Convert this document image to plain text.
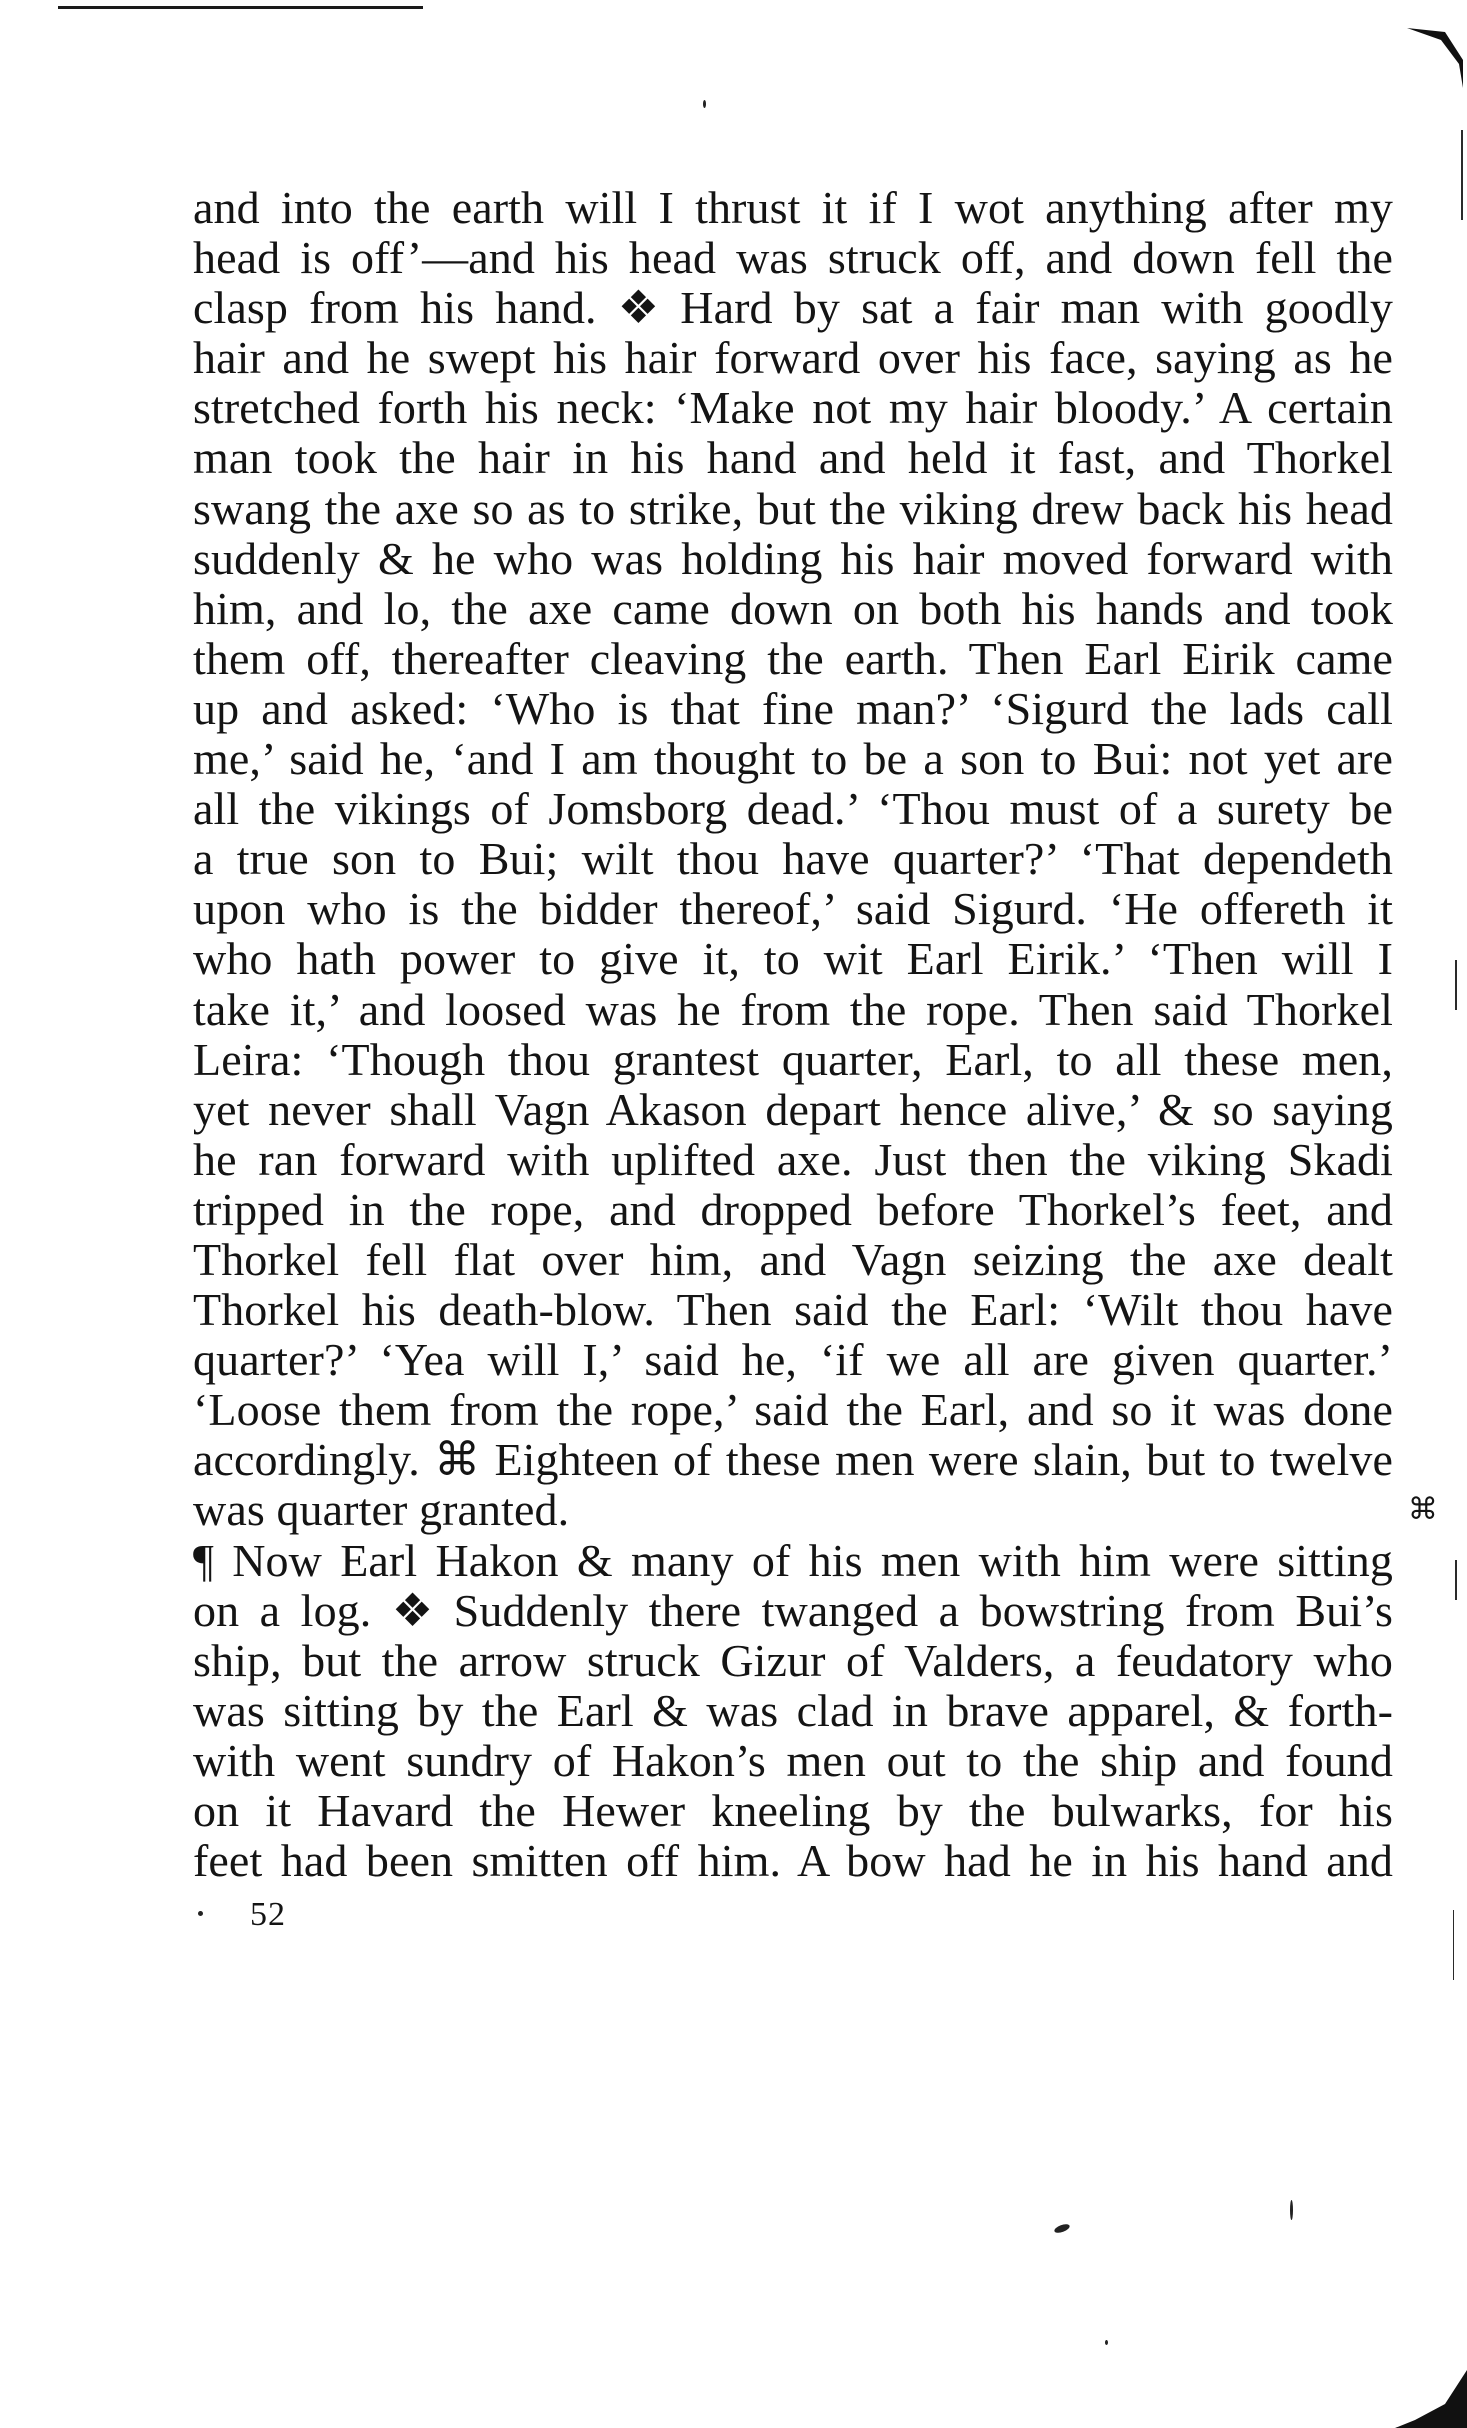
and into the earth will I thrust it if I wot anything after my
head is off’—and his head was struck off, and down fell the
clasp from his hand. ❖ Hard by sat a fair man with goodly
hair and he swept his hair forward over his face, saying as he
stretched forth his neck: ‘Make not my hair bloody.’ A certain
man took the hair in his hand and held it fast, and Thorkel
swang the axe so as to strike, but the viking drew back his head
suddenly & he who was holding his hair moved forward with
him, and lo, the axe came down on both his hands and took
them off, thereafter cleaving the earth. Then Earl Eirik came
up and asked: ‘Who is that fine man?’ ‘Sigurd the lads call
me,’ said he, ‘and I am thought to be a son to Bui: not yet are
all the vikings of Jomsborg dead.’ ‘Thou must of a surety be
a true son to Bui; wilt thou have quarter?’ ‘That dependeth
upon who is the bidder thereof,’ said Sigurd. ‘He offereth it
who hath power to give it, to wit Earl Eirik.’ ‘Then will I
take it,’ and loosed was he from the rope. Then said Thorkel
Leira: ‘Though thou grantest quarter, Earl, to all these men,
yet never shall Vagn Akason depart hence alive,’ & so saying
he ran forward with uplifted axe. Just then the viking Skadi
tripped in the rope, and dropped before Thorkel’s feet, and
Thorkel fell flat over him, and Vagn seizing the axe dealt
Thorkel his death-blow. Then said the Earl: ‘Wilt thou have
quarter?’ ‘Yea will I,’ said he, ‘if we all are given quarter.’
‘Loose them from the rope,’ said the Earl, and so it was done
accordingly. ⌘ Eighteen of these men were slain, but to twelve
was quarter granted.	⌘
¶ Now Earl Hakon & many of his men with him were sitting
on a log. ❖ Suddenly there twanged a bowstring from Bui’s
ship, but the arrow struck Gizur of Valders, a feudatory who
was sitting by the Earl & was clad in brave apparel, & forth-
with went sundry of Hakon’s men out to the ship and found
on it Havard the Hewer kneeling by the bulwarks, for his
feet had been smitten off him. A bow had he in his hand and
52
